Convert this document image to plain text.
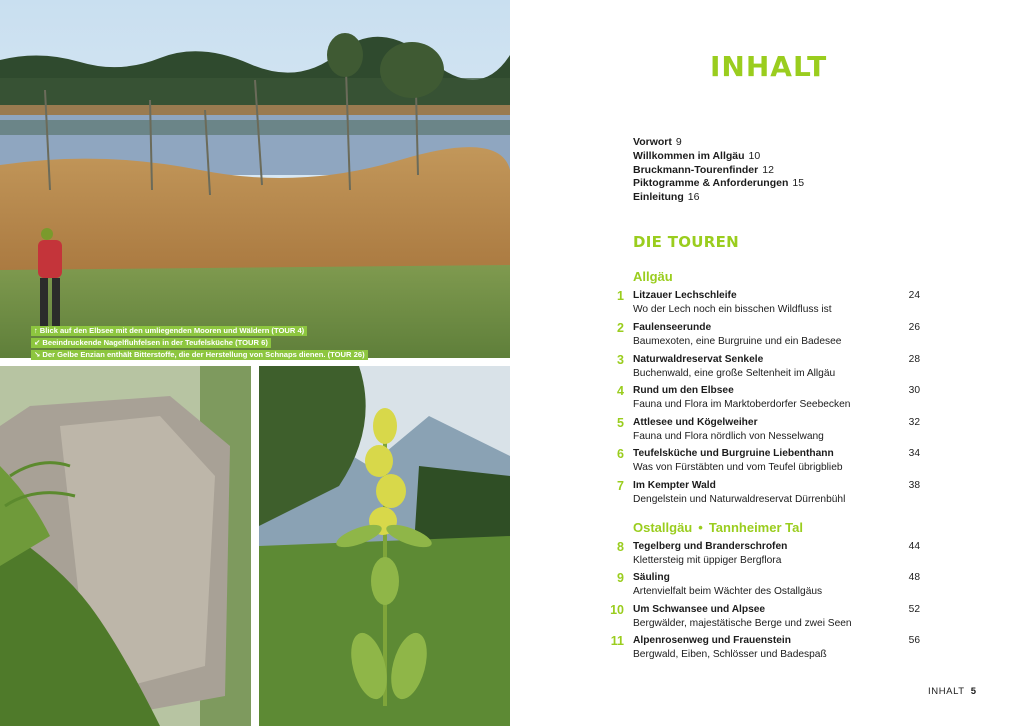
↑ Blick auf den Elbsee mit den umliegenden Mooren und Wäldern (TOUR 4)
↙ Beeindruckende Nagelfluhfelsen in der Teufelsküche (TOUR 6)
↘ Der Gelbe Enzian enthält Bitterstoffe, die der Herstellung von Schnaps dienen. (TOUR 26)
INHALT
Vorwort 9
Willkommen im Allgäu 10
Bruckmann-Tourenfinder 12
Piktogramme & Anforderungen 15
Einleitung 16
DIE TOUREN
Allgäu
1 Litzauer Lechschleife	24
Wo der Lech noch ein bisschen Wildfluss ist
2 Faulenseerunde	26
Baumexoten, eine Burgruine und ein Badesee
3 Naturwaldreservat Senkele	28
Buchenwald, eine große Seltenheit im Allgäu
4 Rund um den Elbsee	30
Fauna und Flora im Marktoberdorfer Seebecken
5 Attlesee und Kögelweiher	32
Fauna und Flora nördlich von Nesselwang
6 Teufelsküche und Burgruine Liebenthann	34
Was von Fürstäbten und vom Teufel übrigblieb
7 Im Kempter Wald	38
Dengelstein und Naturwaldreservat Dürrenbühl
Ostallgäu • Tannheimer Tal
8 Tegelberg und Branderschrofen	44
Klettersteig mit üppiger Bergflora
9 Säuling	48
Artenvielfalt beim Wächter des Ostallgäus
10 Um Schwansee und Alpsee	52
Bergwälder, majestätische Berge und zwei Seen
11 Alpenrosenweg und Frauenstein	56
Bergwald, Eiben, Schlösser und Badespaß
INHALT 5
